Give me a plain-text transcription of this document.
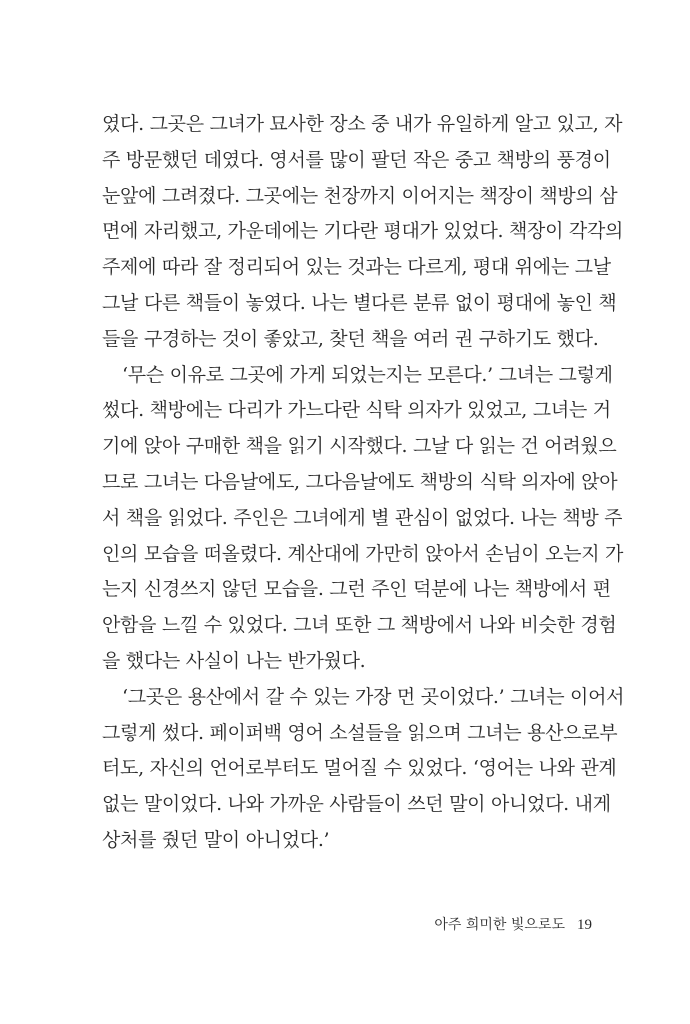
였다. 그곳은 그녀가 묘사한 장소 중 내가 유일하게 알고 있고, 자
주 방문했던 데였다. 영서를 많이 팔던 작은 중고 책방의 풍경이
눈앞에 그려졌다. 그곳에는 천장까지 이어지는 책장이 책방의 삼
면에 자리했고, 가운데에는 기다란 평대가 있었다. 책장이 각각의
주제에 따라 잘 정리되어 있는 것과는 다르게, 평대 위에는 그날
그날 다른 책들이 놓였다. 나는 별다른 분류 없이 평대에 놓인 책
들을 구경하는 것이 좋았고, 찾던 책을 여러 권 구하기도 했다.
‘무슨 이유로 그곳에 가게 되었는지는 모른다.’ 그녀는 그렇게
썼다. 책방에는 다리가 가느다란 식탁 의자가 있었고, 그녀는 거
기에 앉아 구매한 책을 읽기 시작했다. 그날 다 읽는 건 어려웠으
므로 그녀는 다음날에도, 그다음날에도 책방의 식탁 의자에 앉아
서 책을 읽었다. 주인은 그녀에게 별 관심이 없었다. 나는 책방 주
인의 모습을 떠올렸다. 계산대에 가만히 앉아서 손님이 오는지 가
는지 신경쓰지 않던 모습을. 그런 주인 덕분에 나는 책방에서 편
안함을 느낄 수 있었다. 그녀 또한 그 책방에서 나와 비슷한 경험
을 했다는 사실이 나는 반가웠다.
‘그곳은 용산에서 갈 수 있는 가장 먼 곳이었다.’ 그녀는 이어서
그렇게 썼다. 페이퍼백 영어 소설들을 읽으며 그녀는 용산으로부
터도, 자신의 언어로부터도 멀어질 수 있었다. ‘영어는 나와 관계
없는 말이었다. 나와 가까운 사람들이 쓰던 말이 아니었다. 내게
상처를 줬던 말이 아니었다.’
아주 희미한 빛으로도 19
